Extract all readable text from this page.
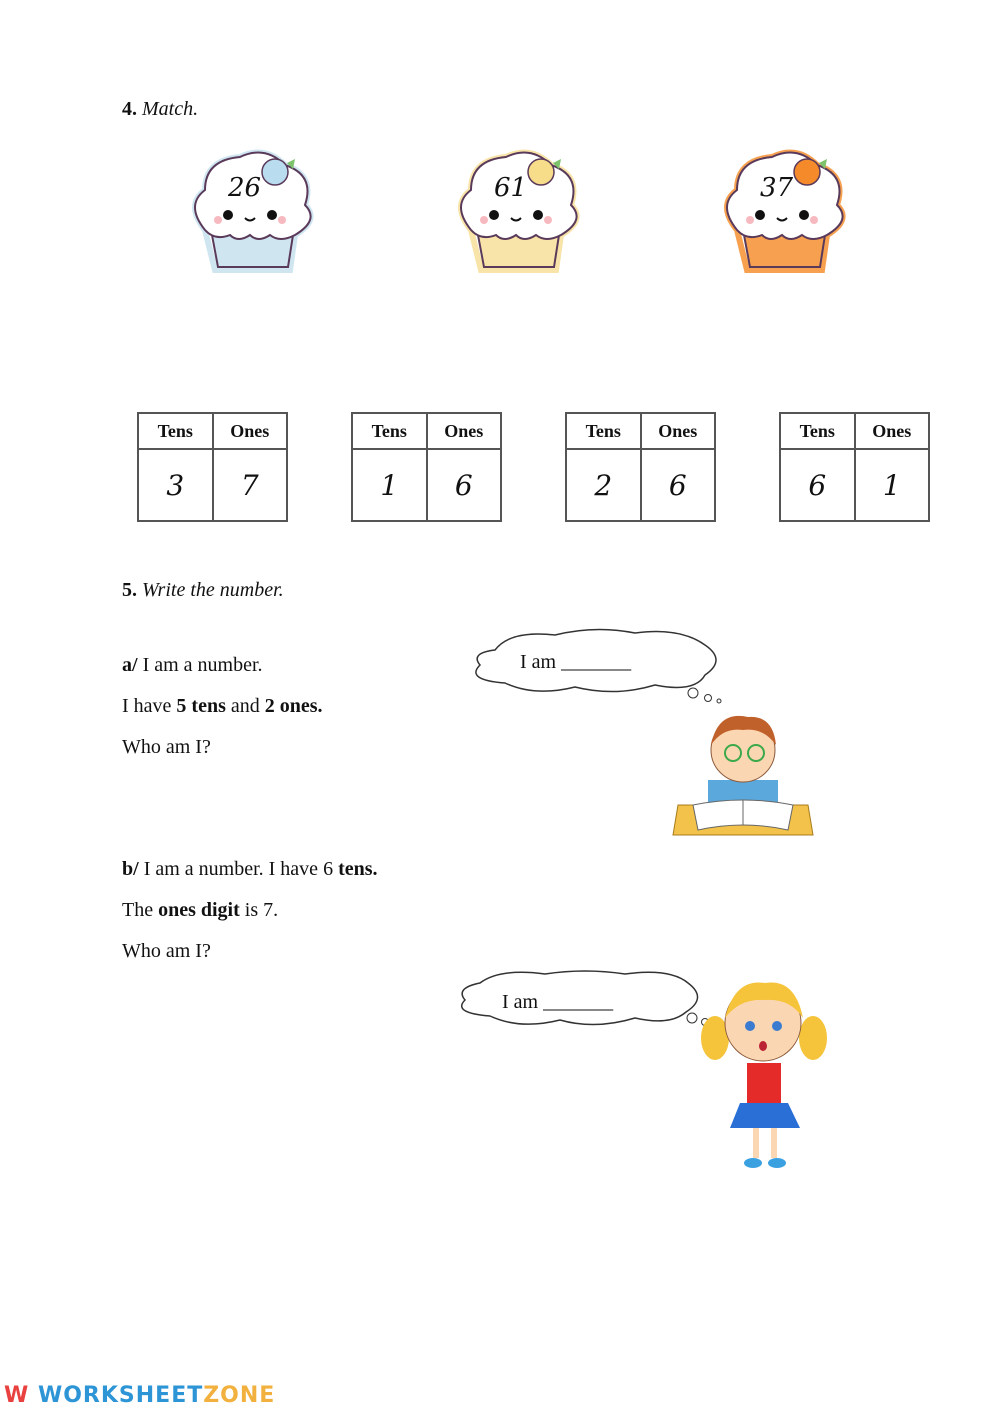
4. Match.
26	61	37
Tens	Ones
3	7
Tens	Ones
1	6
Tens	Ones
2	6
Tens	Ones
6	1
5. Write the number.
a/ I am a number.
I have 5 tens and 2 ones.
Who am I?
b/ I am a number. I have 6 tens.
The ones digit is 7.
Who am I?
I am _______
I am _______
W WORKSHEETZONE
